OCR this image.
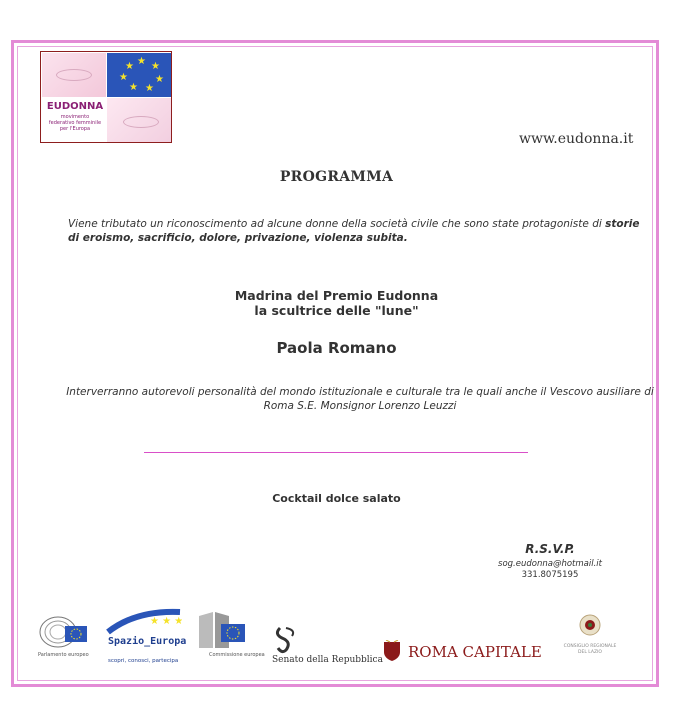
★ ★
★
★	★
★ ★
EUDONNA
movimento
federativo femminile
per l'Europa
www.eudonna.it
PROGRAMMA
Viene tributato un riconoscimento ad alcune donne della società civile che sono state protagoniste di storie di eroismo, sacrificio, dolore, privazione, violenza subita.
Madrina del Premio Eudonna
la scultrice delle "lune"
Paola Romano
Interverranno autorevoli personalità del mondo istituzionale e culturale tra le quali anche il Vescovo ausiliare di
Roma S.E. Monsignor Lorenzo Leuzzi
Cocktail dolce salato
R.S.V.P.
sog.eudonna@hotmail.it
331.8075195
Parlamento europeo
★ ★ ★
Spazio_Europa
scopri, conosci, partecipa
Commissione europea Senato della Repubblica ROMA CAPITALE	CONSIGLIO REGIONALE DEL LAZIO
